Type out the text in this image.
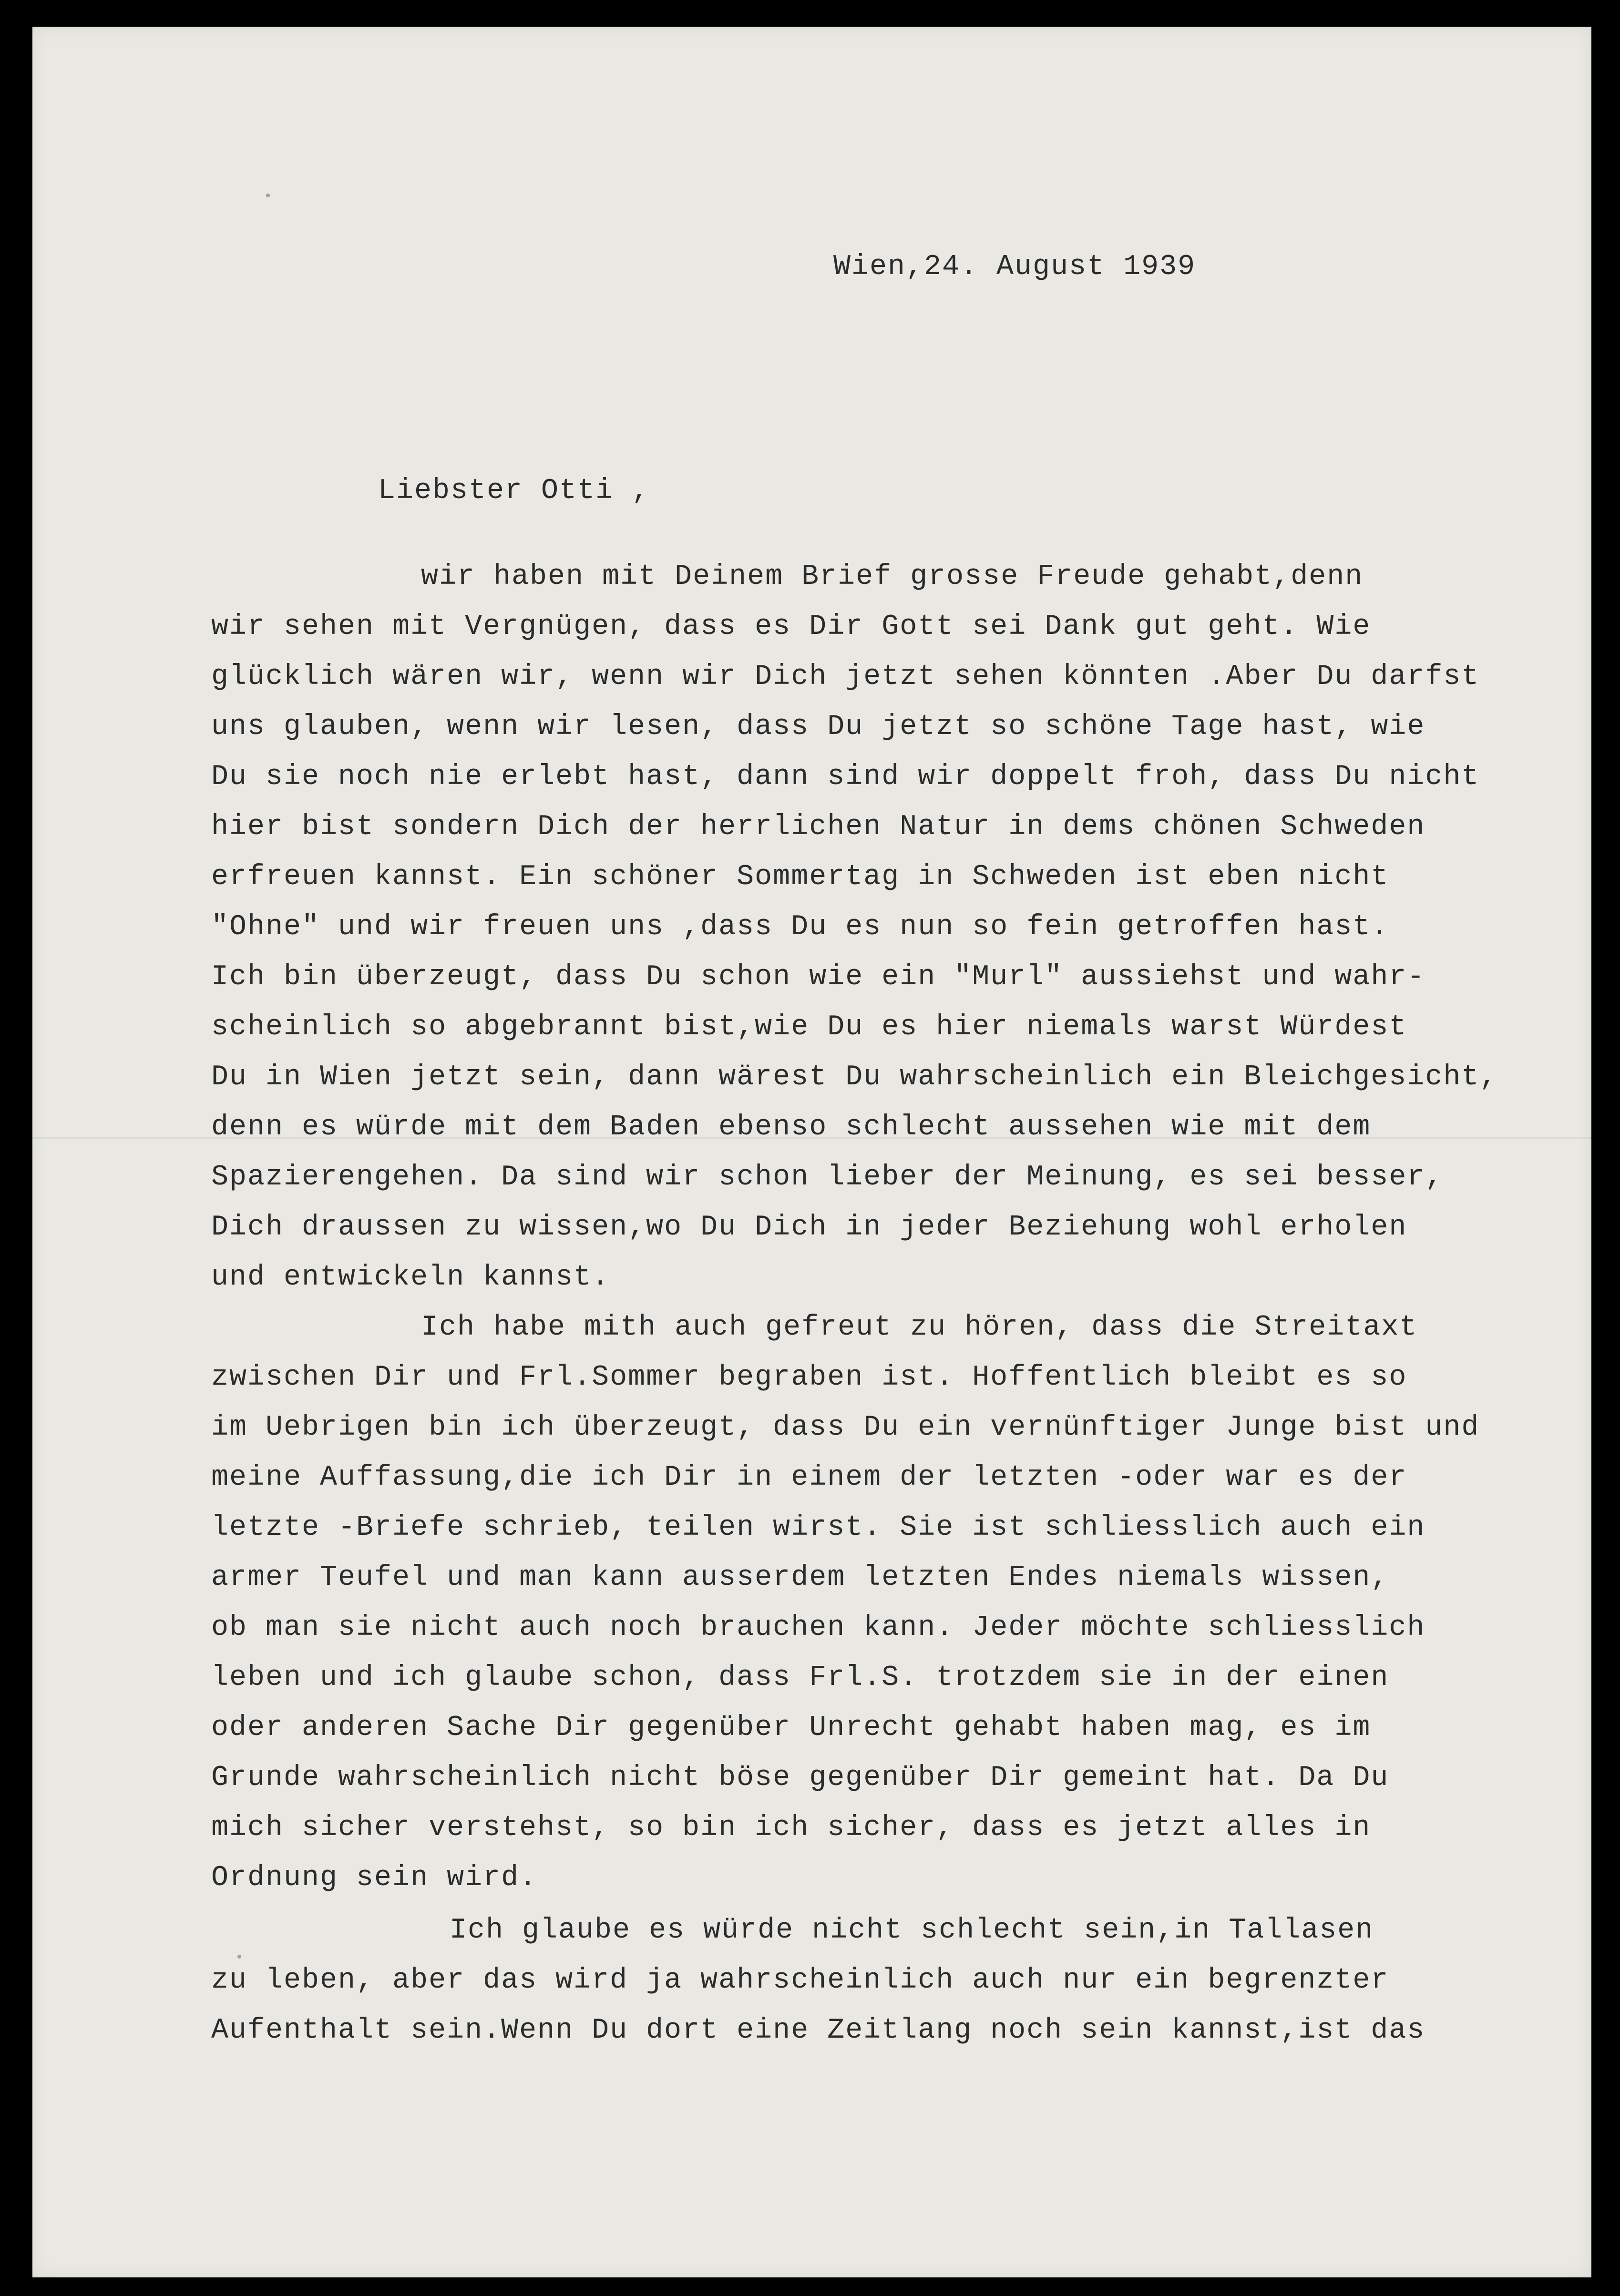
Wien,24. August 1939
Liebster Otti ,
wir haben mit Deinem Brief grosse Freude gehabt,denn
wir sehen mit Vergnügen, dass es Dir Gott sei Dank gut geht. Wie
glücklich wären wir, wenn wir Dich jetzt sehen könnten .Aber Du darfst
uns glauben, wenn wir lesen, dass Du jetzt so schöne Tage hast, wie
Du sie noch nie erlebt hast, dann sind wir doppelt froh, dass Du nicht
hier bist sondern Dich der herrlichen Natur in dems chönen Schweden
erfreuen kannst. Ein schöner Sommertag in Schweden ist eben nicht
"Ohne" und wir freuen uns ,dass Du es nun so fein getroffen hast.
Ich bin überzeugt, dass Du schon wie ein "Murl" aussiehst und wahr-
scheinlich so abgebrannt bist,wie Du es hier niemals warst Würdest
Du in Wien jetzt sein, dann wärest Du wahrscheinlich ein Bleichgesicht,
denn es würde mit dem Baden ebenso schlecht aussehen wie mit dem
Spazierengehen. Da sind wir schon lieber der Meinung, es sei besser,
Dich draussen zu wissen,wo Du Dich in jeder Beziehung wohl erholen
und entwickeln kannst.
Ich habe mith auch gefreut zu hören, dass die Streitaxt
zwischen Dir und Frl.Sommer begraben ist. Hoffentlich bleibt es so
im Uebrigen bin ich überzeugt, dass Du ein vernünftiger Junge bist und
meine Auffassung,die ich Dir in einem der letzten -oder war es der
letzte -Briefe schrieb, teilen wirst. Sie ist schliesslich auch ein
armer Teufel und man kann ausserdem letzten Endes niemals wissen,
ob man sie nicht auch noch brauchen kann. Jeder möchte schliesslich
leben und ich glaube schon, dass Frl.S. trotzdem sie in der einen
oder anderen Sache Dir gegenüber Unrecht gehabt haben mag, es im
Grunde wahrscheinlich nicht böse gegenüber Dir gemeint hat. Da Du
mich sicher verstehst, so bin ich sicher, dass es jetzt alles in
Ordnung sein wird.
Ich glaube es würde nicht schlecht sein,in Tallasen
zu leben, aber das wird ja wahrscheinlich auch nur ein begrenzter
Aufenthalt sein.Wenn Du dort eine Zeitlang noch sein kannst,ist das
